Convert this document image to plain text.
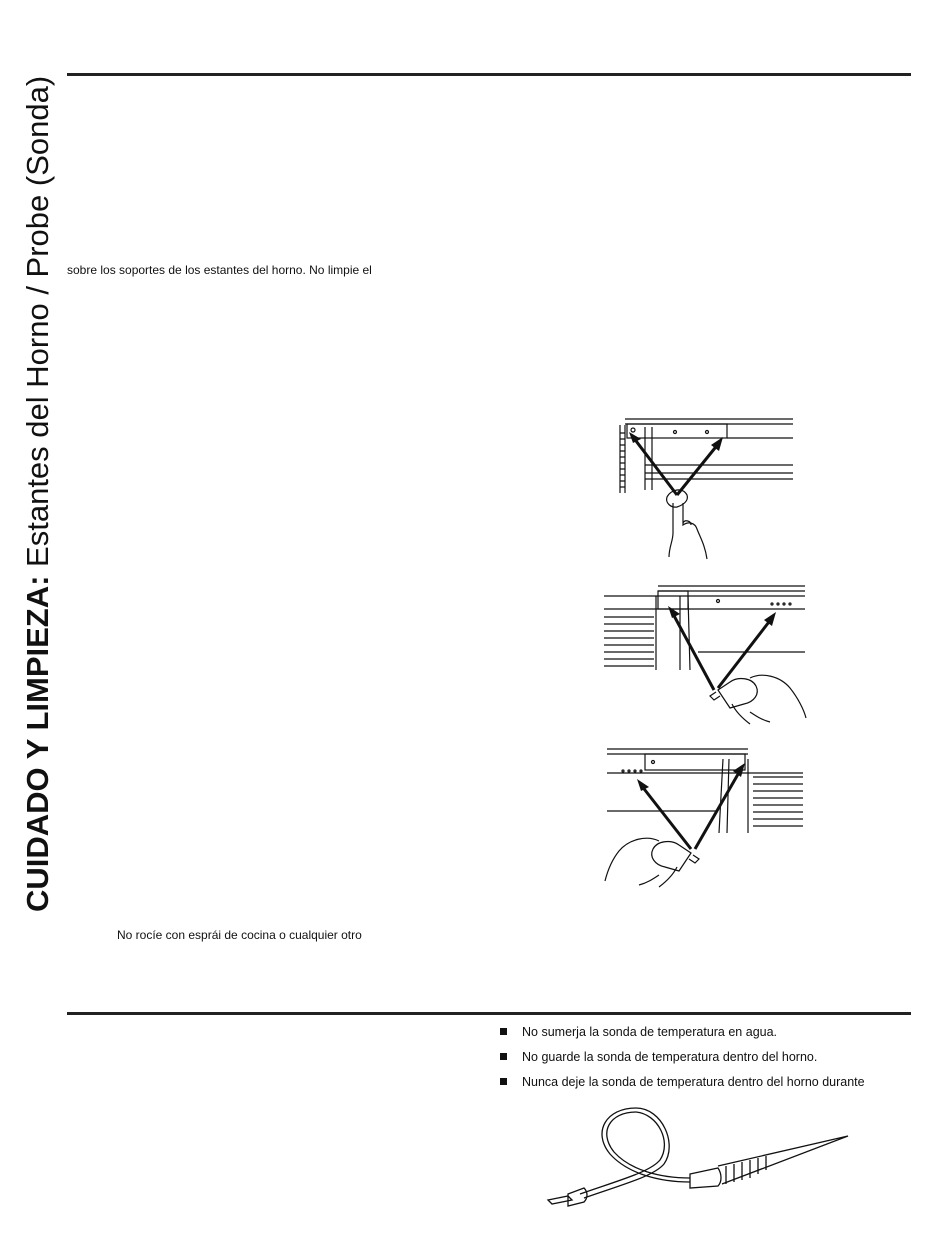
CUIDADO Y LIMPIEZA: Estantes del Horno / Probe (Sonda) sobre los soportes de los estantes del horno. No limpie el
No rocíe con esprái de cocina o cualquier otro
No sumerja la sonda de temperatura en agua.
No guarde la sonda de temperatura dentro del horno.
Nunca deje la sonda de temperatura dentro del horno durante
